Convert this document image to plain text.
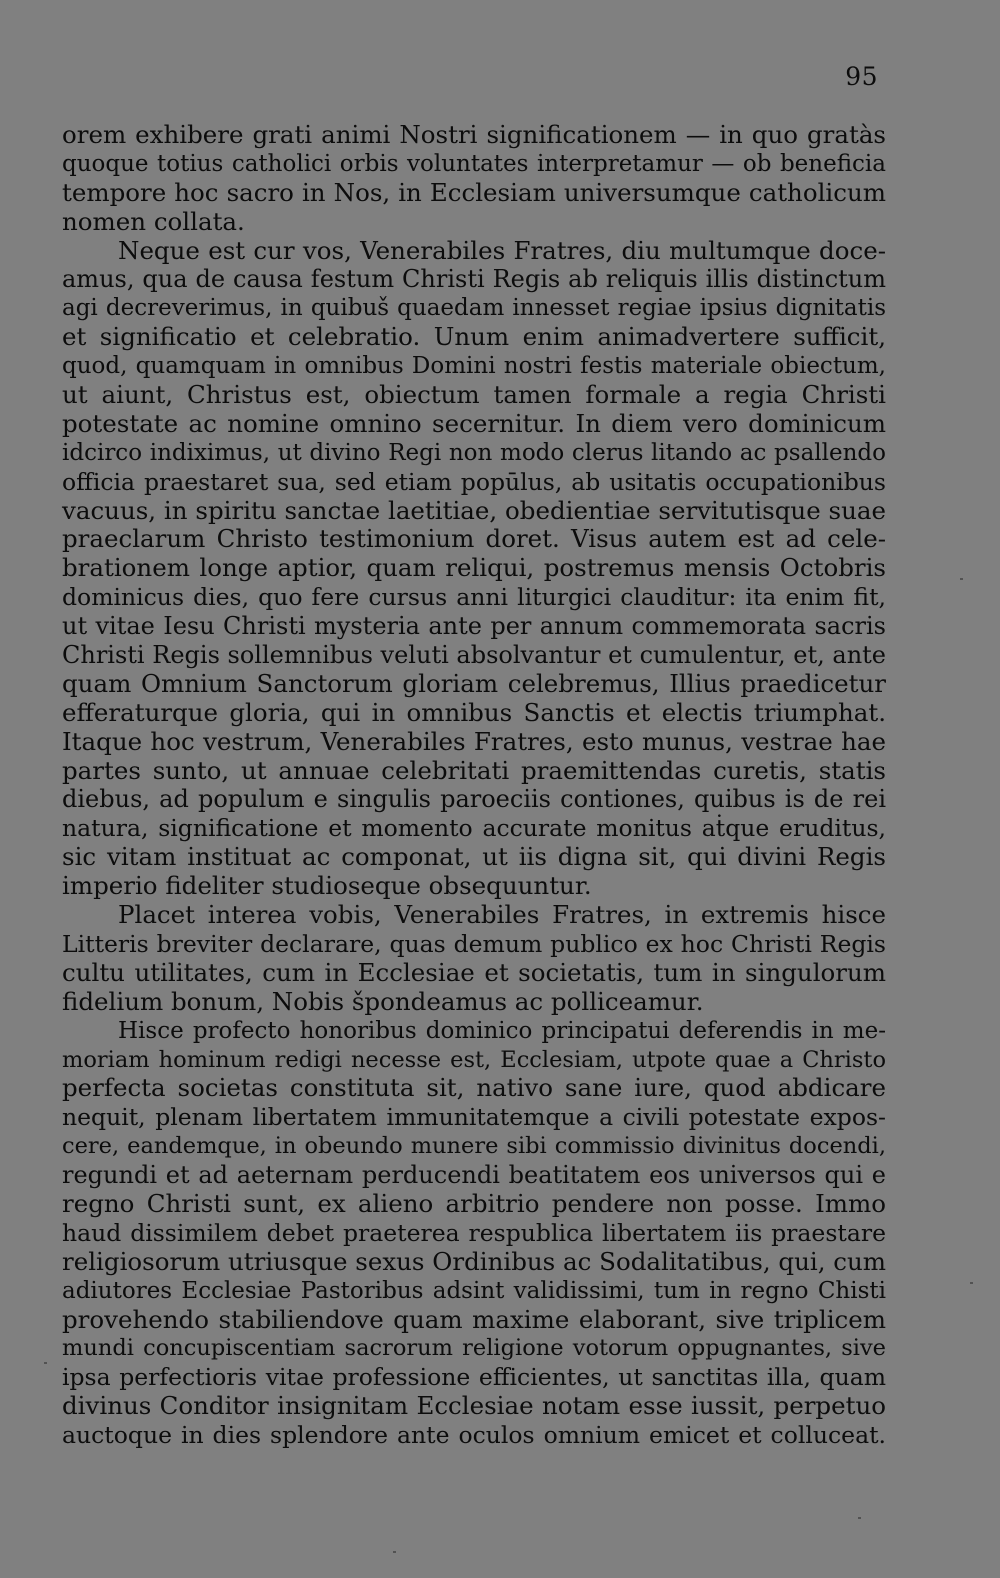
95

orem exhibere grati animi Nostri significationem — in quo gratàs
quoque totius catholici orbis voluntates interpretamur — ob beneficia
tempore hoc sacro in Nos, in Ecclesiam universumque catholicum
nomen collata.
Neque est cur vos, Venerabiles Fratres, diu multumque doce-
amus, qua de causa festum Christi Regis ab reliquis illis distinctum
agi decreverimus, in quibuš quaedam innesset regiae ipsius dignitatis
et significatio et celebratio. Unum enim animadvertere sufficit,
quod, quamquam in omnibus Domini nostri festis materiale obiectum,
ut aiunt, Christus est, obiectum tamen formale a regia Christi
potestate ac nomine omnino secernitur. In diem vero dominicum
idcirco indiximus, ut divino Regi non modo clerus litando ac psallendo
officia praestaret sua, sed etiam popūlus, ab usitatis occupationibus
vacuus, in spiritu sanctae laetitiae, obedientiae servitutisque suae
praeclarum Christo testimonium doret. Visus autem est ad cele-
brationem longe aptior, quam reliqui, postremus mensis Octobris
dominicus dies, quo fere cursus anni liturgici clauditur: ita enim fit,
ut vitae Iesu Christi mysteria ante per annum commemorata sacris
Christi Regis sollemnibus veluti absolvantur et cumulentur, et, ante
quam Omnium Sanctorum gloriam celebremus, Illius praedicetur
efferaturque gloria, qui in omnibus Sanctis et electis triumphat.
Itaque hoc vestrum, Venerabiles Fratres, esto munus, vestrae hae
partes sunto, ut annuae celebritati praemittendas curetis, statis
diebus, ad populum e singulis paroeciis contiones, quibus is de rei
natura, significatione et momento accurate monitus aṫque eruditus,
sic vitam instituat ac componat, ut iis digna sit, qui divini Regis
imperio fideliter studioseque obsequuntur.
Placet interea vobis, Venerabiles Fratres, in extremis hisce
Litteris breviter declarare, quas demum publico ex hoc Christi Regis
cultu utilitates, cum in Ecclesiae et societatis, tum in singulorum
fidelium bonum, Nobis špondeamus ac polliceamur.
Hisce profecto honoribus dominico principatui deferendis in me-
moriam hominum redigi necesse est, Ecclesiam, utpote quae a Christo
perfecta societas constituta sit, nativo sane iure, quod abdicare
nequit, plenam libertatem immunitatemque a civili potestate expos-
cere, eandemque, in obeundo munere sibi commissio divinitus docendi,
regundi et ad aeternam perducendi beatitatem eos universos qui e
regno Christi sunt, ex alieno arbitrio pendere non posse. Immo
haud dissimilem debet praeterea respublica libertatem iis praestare
religiosorum utriusque sexus Ordinibus ac Sodalitatibus, qui, cum
adiutores Ecclesiae Pastoribus adsint validissimi, tum in regno Chisti
provehendo stabiliendove quam maxime elaborant, sive triplicem
mundi concupiscentiam sacrorum religione votorum oppugnantes, sive
ipsa perfectioris vitae professione efficientes, ut sanctitas illa, quam
divinus Conditor insignitam Ecclesiae notam esse iussit, perpetuo
auctoque in dies splendore ante oculos omnium emicet et colluceat.
